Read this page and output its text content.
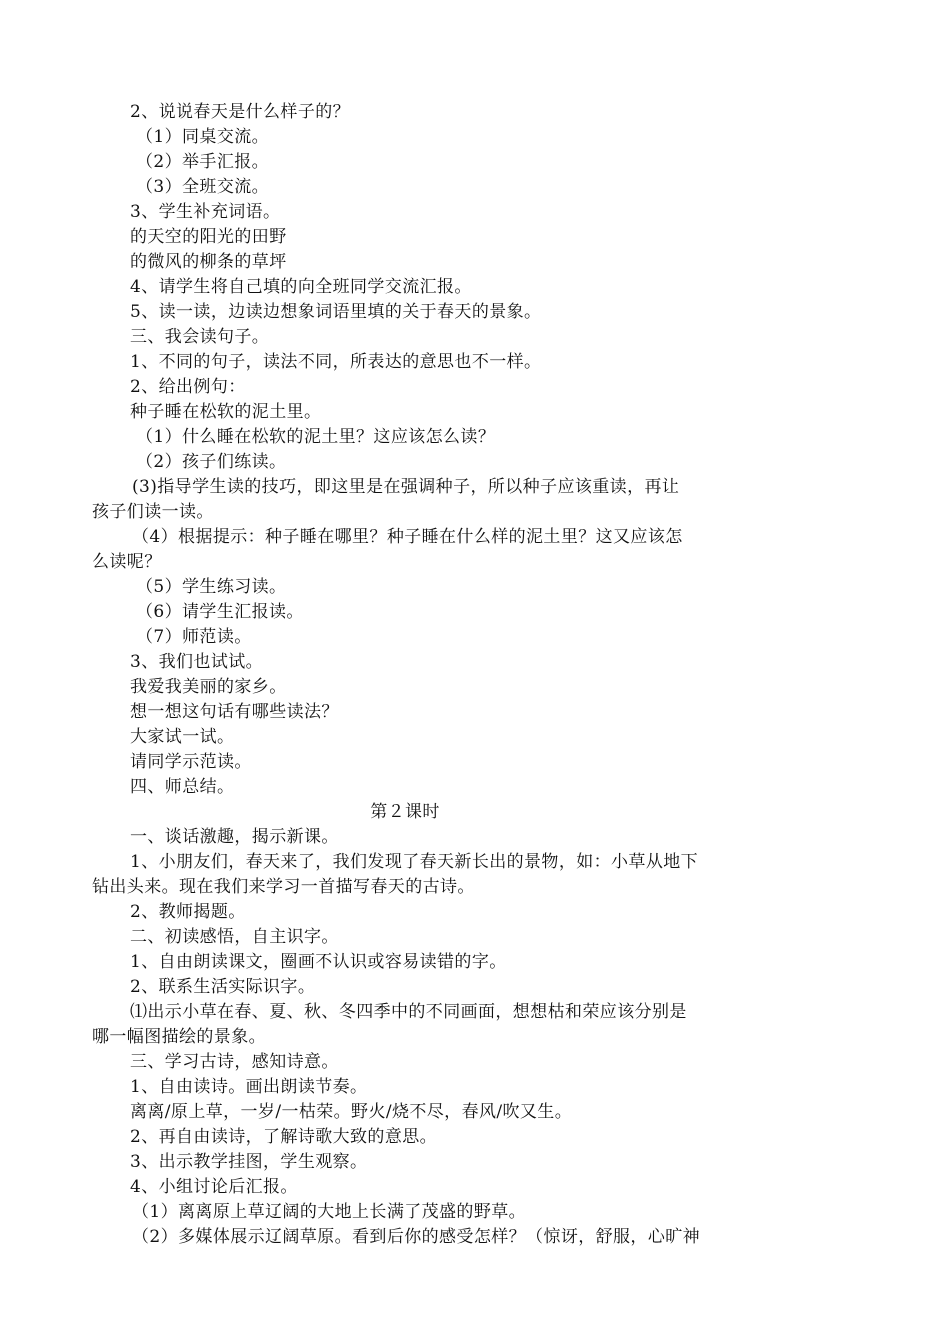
2、说说春天是什么样子的？
（1）同桌交流。
（2）举手汇报。
（3）全班交流。
3、学生补充词语。
的天空的阳光的田野
的微风的柳条的草坪
4、请学生将自己填的向全班同学交流汇报。
5、读一读，边读边想象词语里填的关于春天的景象。
三、我会读句子。
1、不同的句子，读法不同，所表达的意思也不一样。
2、给出例句：
种子睡在松软的泥土里。
（1）什么睡在松软的泥土里？这应该怎么读？
（2）孩子们练读。
(3)指导学生读的技巧，即这里是在强调种子，所以种子应该重读，再让
孩子们读一读。
（4）根据提示：种子睡在哪里？种子睡在什么样的泥土里？这又应该怎
么读呢？
（5）学生练习读。
（6）请学生汇报读。
（7）师范读。
3、我们也试试。
我爱我美丽的家乡。
想一想这句话有哪些读法？
大家试一试。
请同学示范读。
四、师总结。
第２课时
一、谈话激趣，揭示新课。
1、小朋友们，春天来了，我们发现了春天新长出的景物，如：小草从地下
钻出头来。现在我们来学习一首描写春天的古诗。
2、教师揭题。
二、初读感悟，自主识字。
1、自由朗读课文，圈画不认识或容易读错的字。
2、联系生活实际识字。
⑴出示小草在春、夏、秋、冬四季中的不同画面，想想枯和荣应该分别是
哪一幅图描绘的景象。
三、学习古诗，感知诗意。
1、自由读诗。画出朗读节奏。
离离/原上草，一岁/一枯荣。野火/烧不尽，春风/吹又生。
2、再自由读诗，了解诗歌大致的意思。
3、出示教学挂图，学生观察。
4、小组讨论后汇报。
（1）离离原上草辽阔的大地上长满了茂盛的野草。
（2）多媒体展示辽阔草原。看到后你的感受怎样？（惊讶，舒服，心旷神
